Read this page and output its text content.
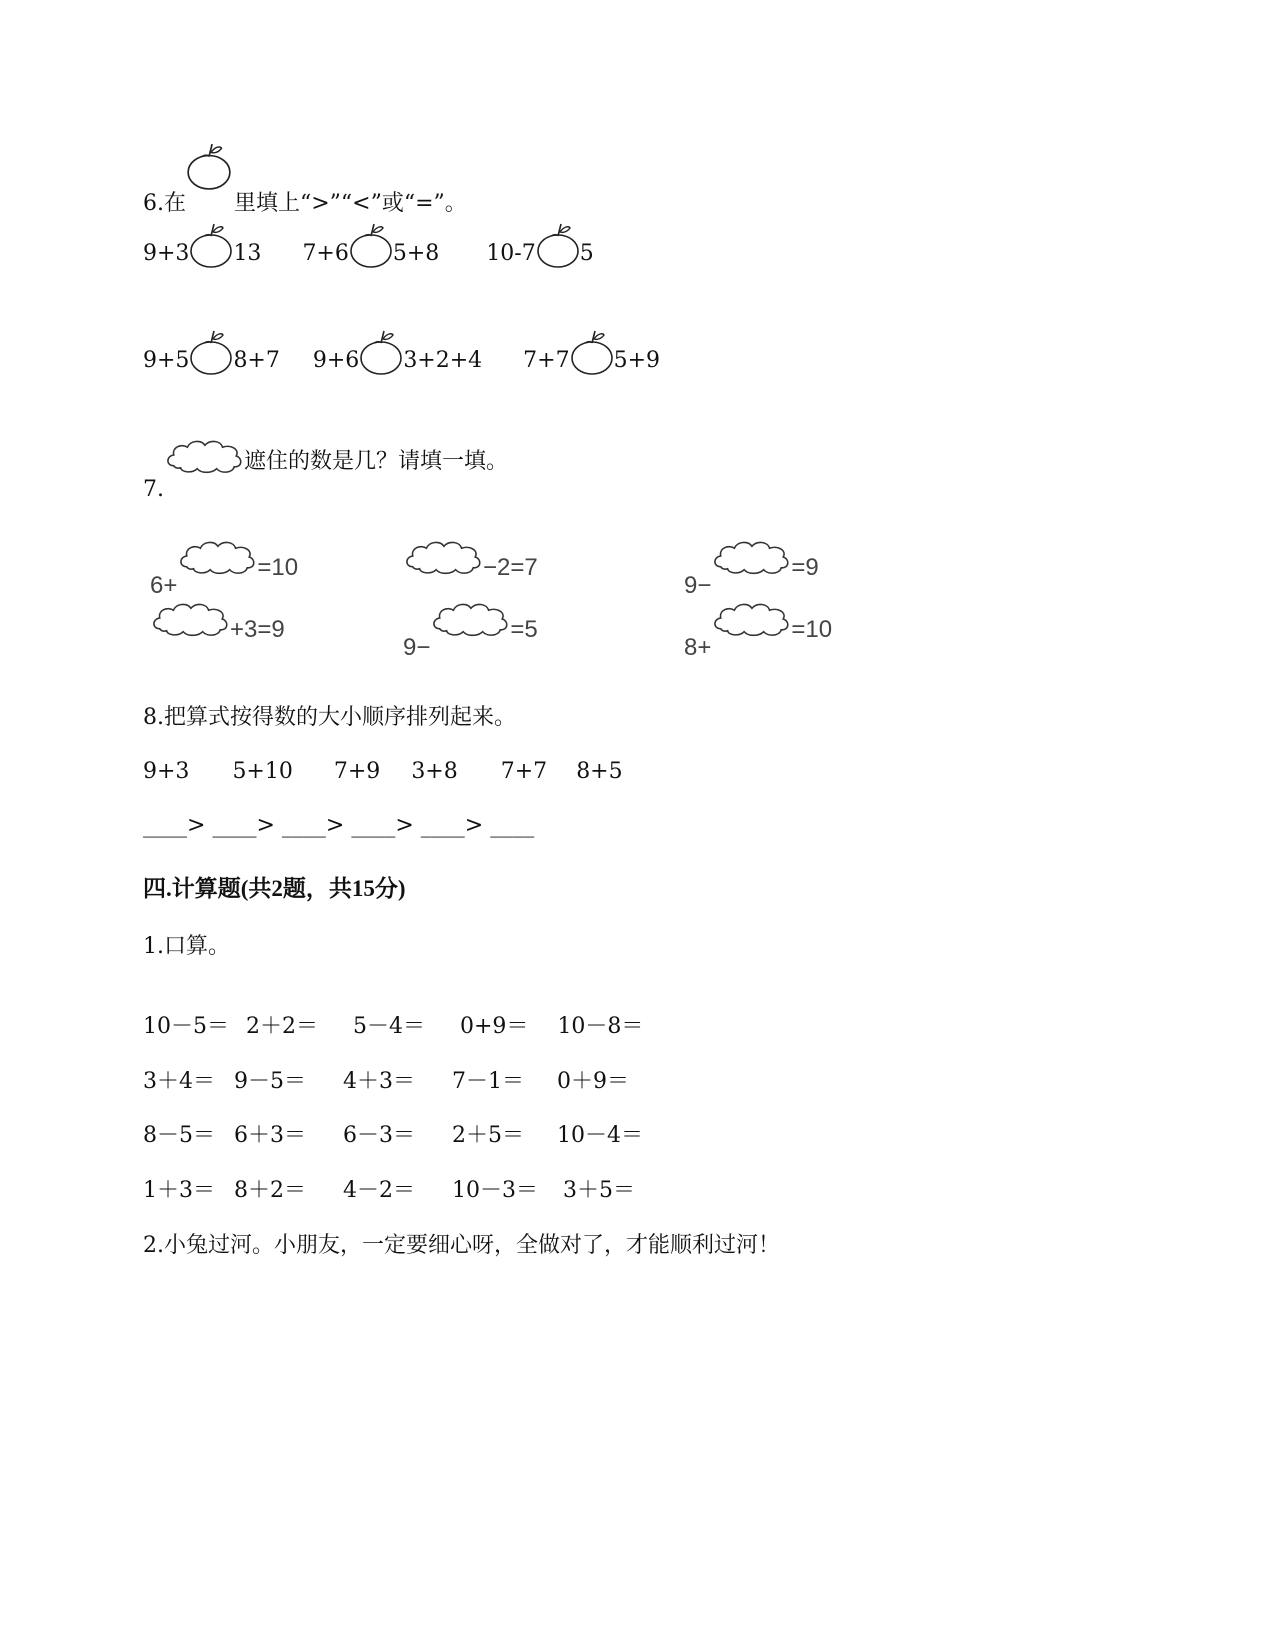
6.在 里填上“>”“<”或“=”。
9+3 13 7+6 5+8 10-7 5
9+5 8+7 9+6 3+2+4 7+7 5+9
7.遮住的数是几？请填一填。
6+=10	−2=7
9−=9
+3=9
9−=5
8+=10
8.把算式按得数的大小顺序排列起来。
9+3 5+10 7+9 3+8 7+7 8+5
____> ____> ____> ____> ____> ____
四.计算题(共2题，共15分)
1.口算。
10－5＝ 2＋2＝ 5－4＝ 0+9＝ 10－8＝
3＋4＝ 9－5＝ 4＋3＝ 7－1＝ 0＋9＝
8－5＝ 6＋3＝ 6－3＝ 2＋5＝ 10－4＝
1＋3＝ 8＋2＝ 4－2＝ 10－3＝ 3＋5＝
2.小兔过河。小朋友，一定要细心呀，全做对了，才能顺利过河！
